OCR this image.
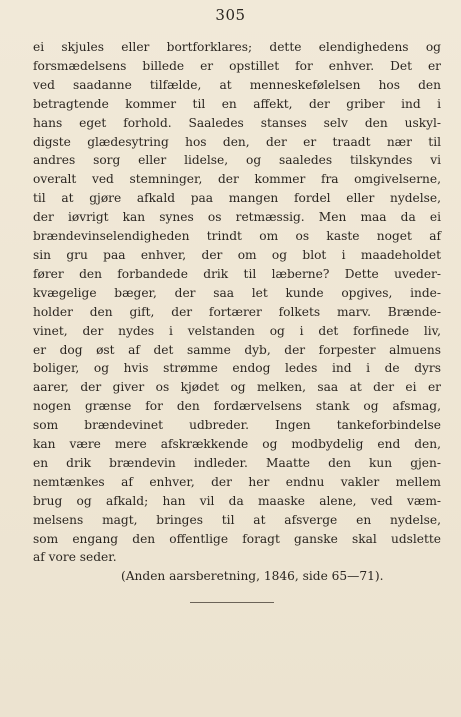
305
ei skjules eller bortforklares; dette elendighedens og
forsmædelsens billede er opstillet for enhver. Det er
ved saadanne tilfælde, at menneskefølelsen hos den
betragtende kommer til en affekt, der griber ind i
hans eget forhold. Saaledes stanses selv den uskyl-
digste glædesytring hos den, der er traadt nær til
andres sorg eller lidelse, og saaledes tilskyndes vi
overalt ved stemninger, der kommer fra omgivelserne,
til at gjøre afkald paa mangen fordel eller nydelse,
der iøvrigt kan synes os retmæssig. Men maa da ei
brændevinselendigheden trindt om os kaste noget af
sin gru paa enhver, der om og blot i maadeholdet
fører den forbandede drik til læberne? Dette uveder-
kvægelige bæger, der saa let kunde opgives, inde-
holder den gift, der fortærer folkets marv. Brænde-
vinet, der nydes i velstanden og i det forfinede liv,
er dog øst af det samme dyb, der forpester almuens
boliger, og hvis strømme endog ledes ind i de dyrs
aarer, der giver os kjødet og melken, saa at der ei er
nogen grænse for den fordærvelsens stank og afsmag,
som brændevinet udbreder. Ingen tankeforbindelse
kan være mere afskrækkende og modbydelig end den,
en drik brændevin indleder. Maatte den kun gjen-
nemtænkes af enhver, der her endnu vakler mellem
brug og afkald; han vil da maaske alene, ved væm-
melsens magt, bringes til at afsverge en nydelse,
som engang den offentlige foragt ganske skal udslette
af vore seder.
(Anden aarsberetning, 1846, side 65—71).
